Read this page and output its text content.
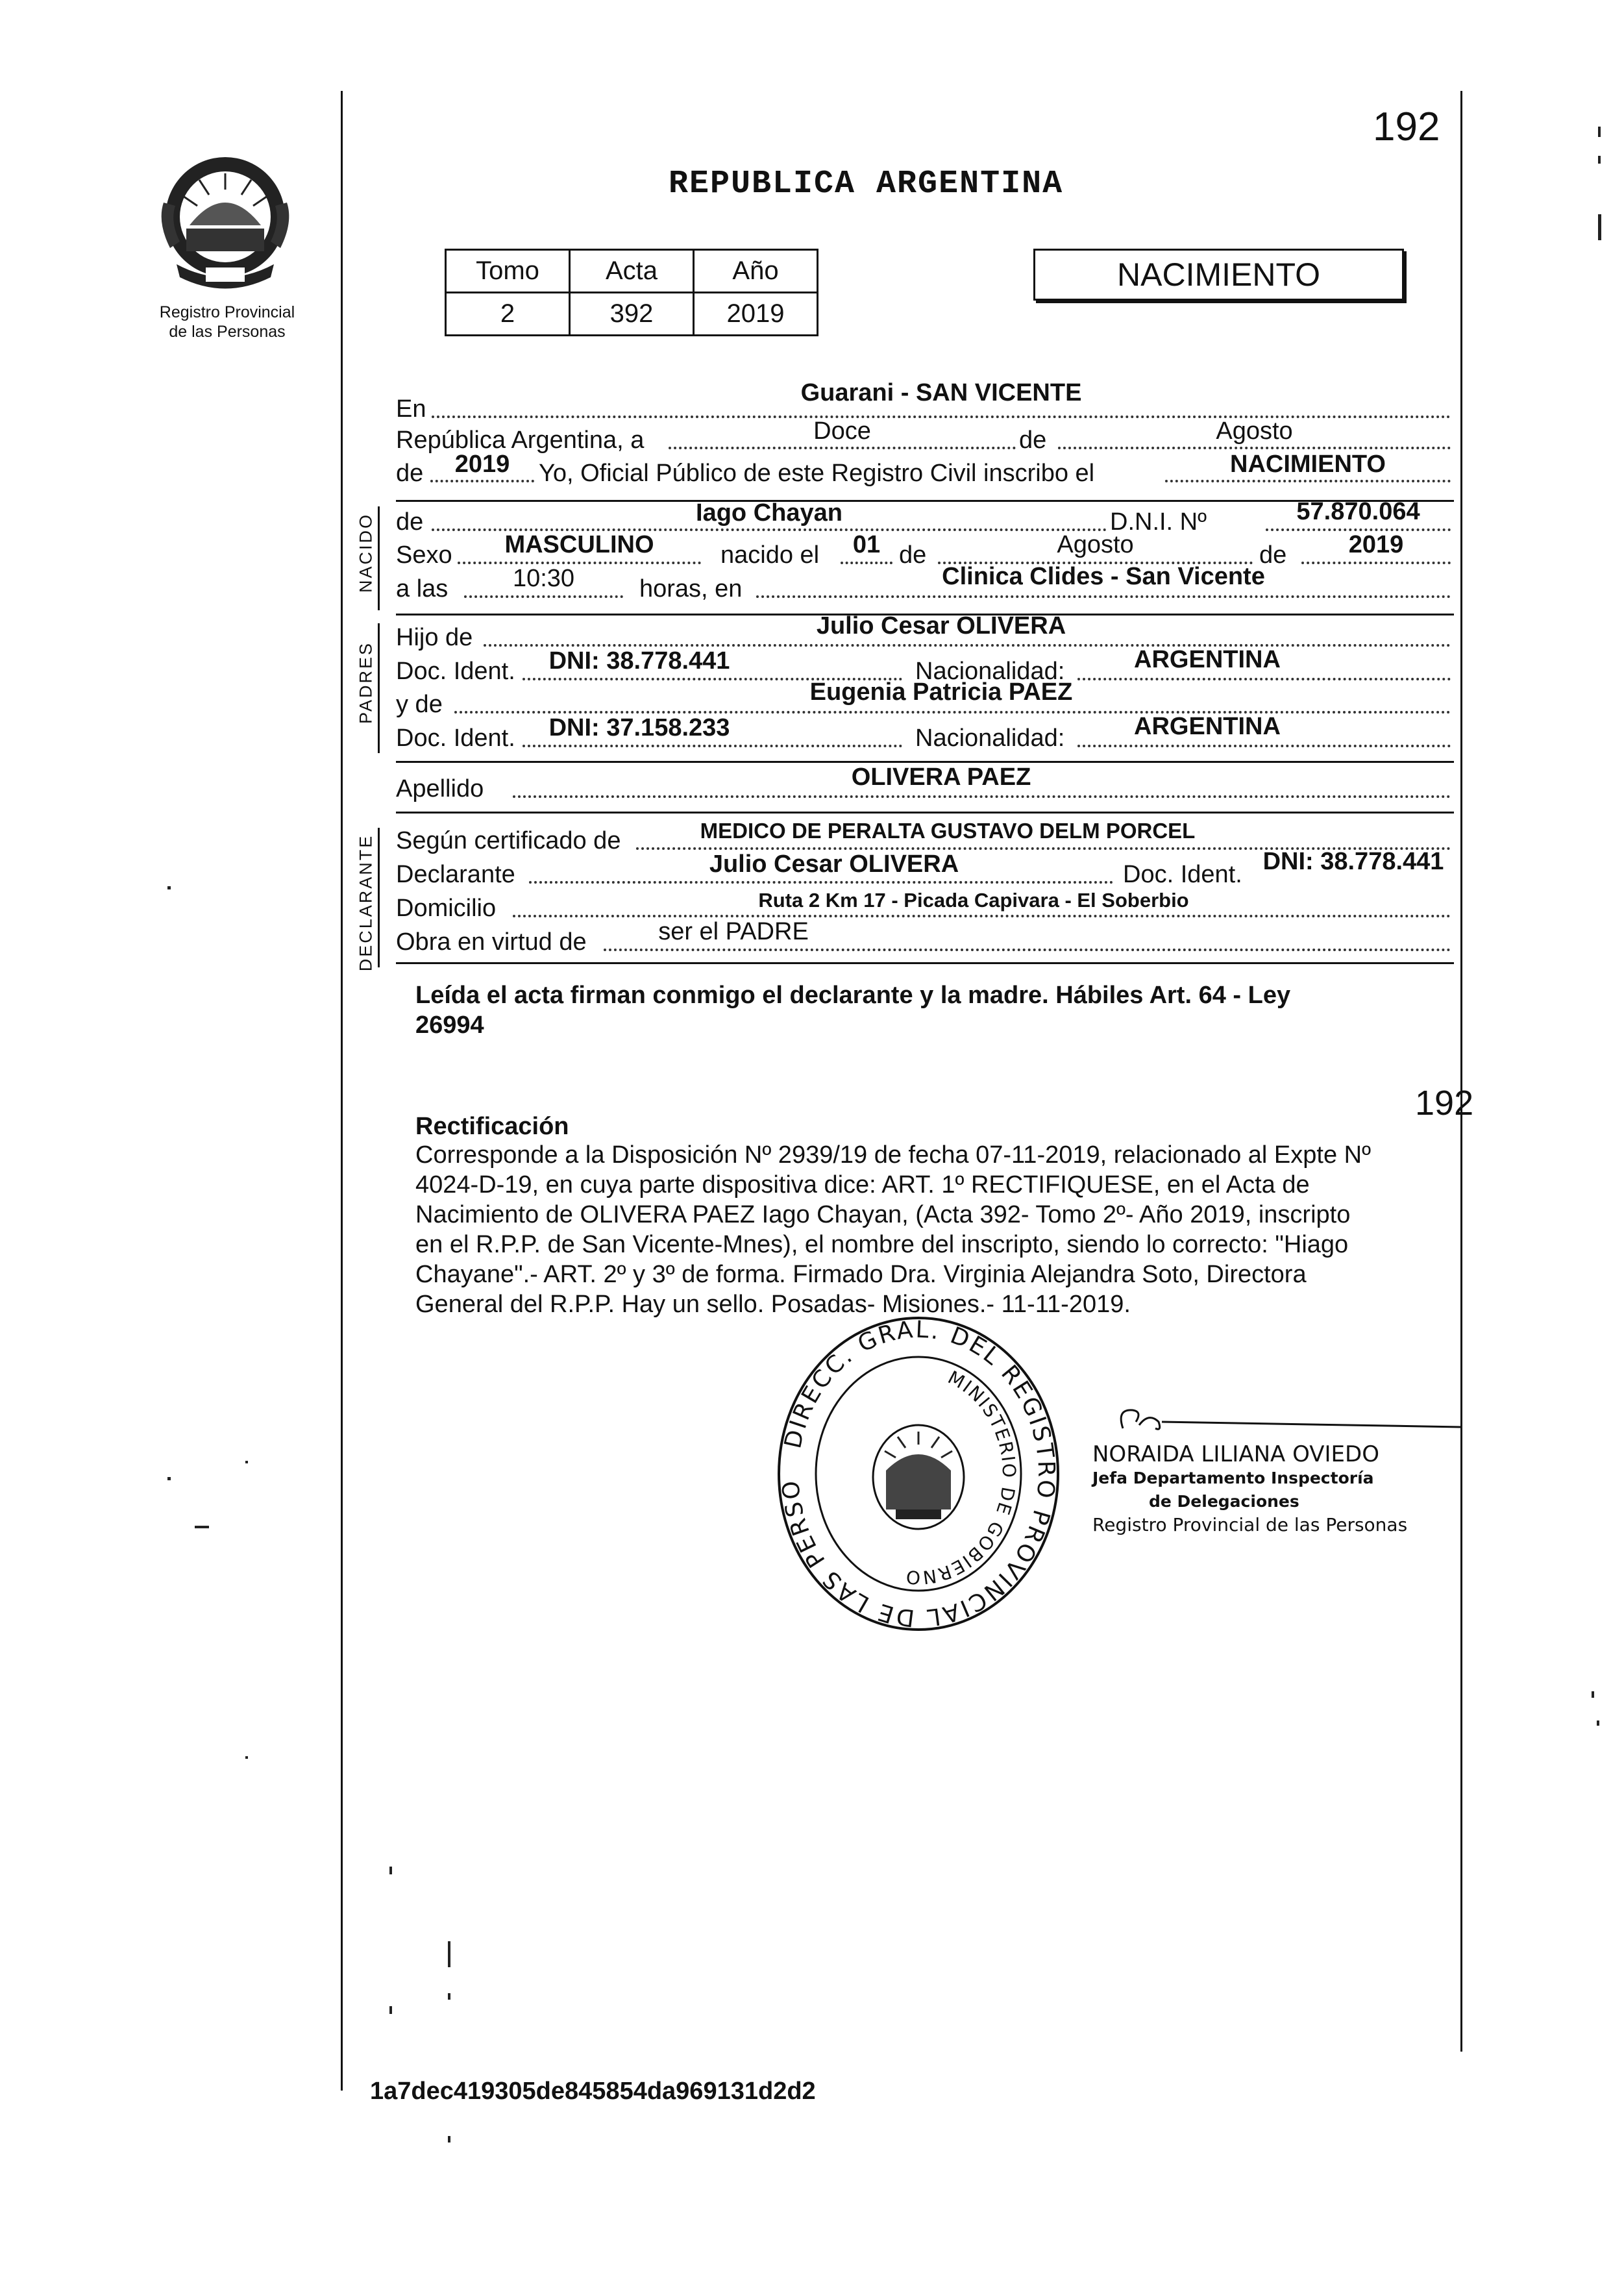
Registro Provincial
de las Personas
192
REPUBLICA ARGENTINA
Tomo	Acta	Año
2	392	2019
NACIMIENTO
En
Guarani - SAN VICENTE
República Argentina, a	Doce	de	Agosto
de	2019	Yo, Oficial Público de este Registro Civil inscribo el	NACIMIENTO
NACIDO de	Iago Chayan	D.N.I. Nº	57.870.064
Sexo	MASCULINO	nacido el	01 de	Agosto	de	2019
a las	10:30	horas, en	Clinica Clides - San Vicente
PADRES
Hijo de	Julio Cesar OLIVERA
Doc. Ident.	DNI: 38.778.441	Nacionalidad:	ARGENTINA
y de	Eugenia Patricia PAEZ
Doc. Ident.	DNI: 37.158.233	Nacionalidad:	ARGENTINA
Apellido	OLIVERA PAEZ
DECLARANTE Según certificado de	MEDICO DE PERALTA GUSTAVO DELM PORCEL
Declarante	Julio Cesar OLIVERA	Doc. Ident. DNI: 38.778.441
Domicilio	Ruta 2 Km 17 - Picada Capivara - El Soberbio
Obra en virtud de	ser el PADRE
Leída el acta firman conmigo el declarante y la madre. Hábiles Art. 64 - Ley
26994
192
Rectificación
Corresponde a la Disposición Nº 2939/19 de fecha 07-11-2019, relacionado al Expte Nº
4024-D-19, en cuya parte dispositiva dice: ART. 1º RECTIFIQUESE, en el Acta de
Nacimiento de OLIVERA PAEZ Iago Chayan, (Acta 392- Tomo 2º- Año 2019, inscripto
en el R.P.P. de San Vicente-Mnes), el nombre del inscripto, siendo lo correcto: "Hiago
Chayane".- ART. 2º y 3º de forma. Firmado Dra. Virginia Alejandra Soto, Directora
General del R.P.P. Hay un sello. Posadas- Misiones.- 11-11-2019.
DIRECC. GRAL. DEL REGISTRO PROVINCIAL DE LAS PERSO
MINISTERIO DE GOBIERNO
NORAIDA LILIANA OVIEDO
Jefa Departamento Inspectoría
de Delegaciones
Registro Provincial de las Personas
1a7dec419305de845854da969131d2d2
